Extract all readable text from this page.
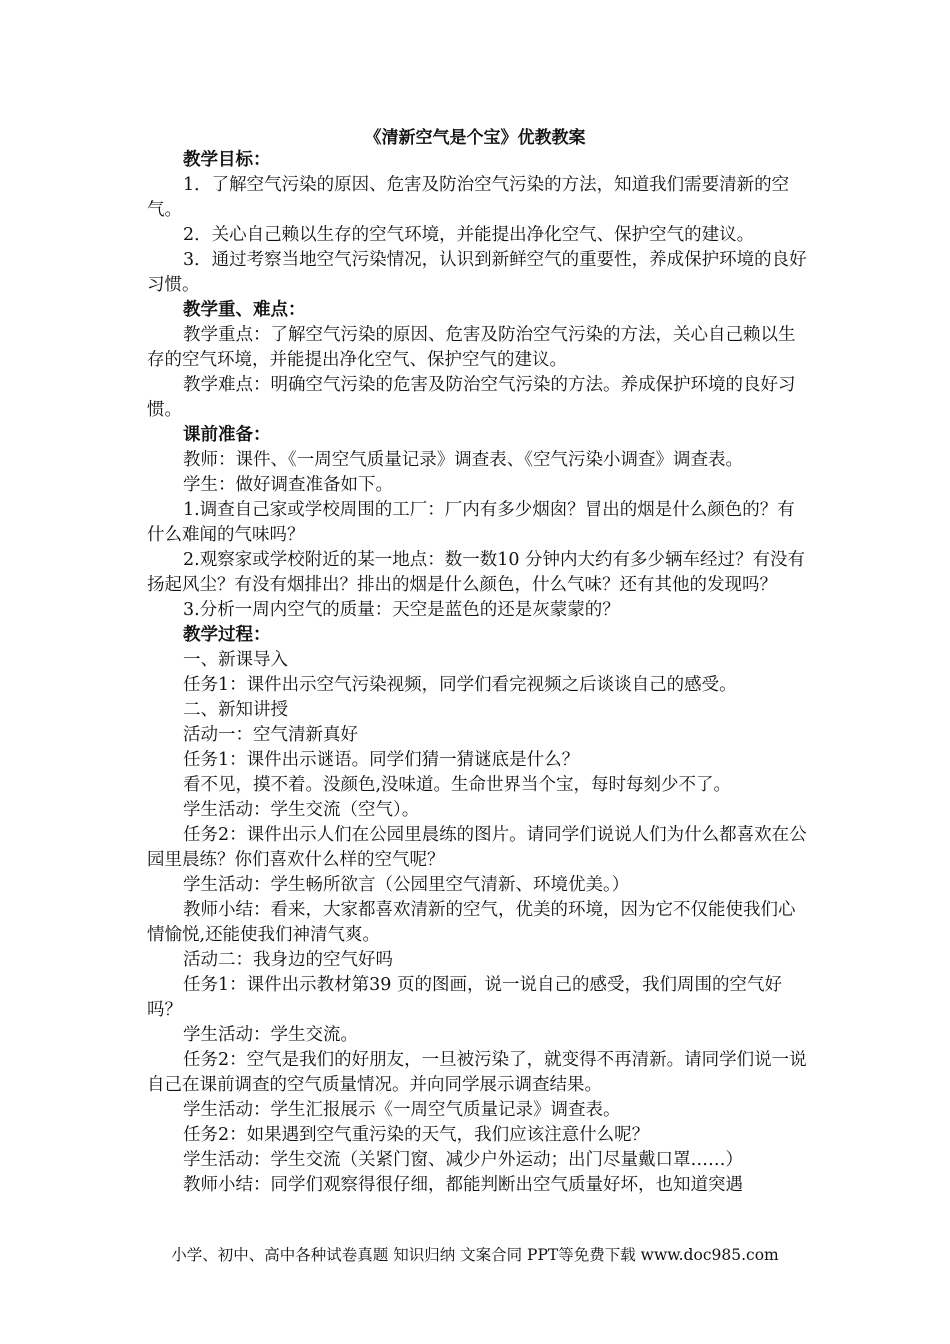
《清新空气是个宝》优教教案
教学目标：
1．了解空气污染的原因、危害及防治空气污染的方法，知道我们需要清新的空气。
2．关心自己赖以生存的空气环境，并能提出净化空气、保护空气的建议。
3．通过考察当地空气污染情况，认识到新鲜空气的重要性，养成保护环境的良好习惯。
教学重、难点：
教学重点：了解空气污染的原因、危害及防治空气污染的方法，关心自己赖以生存的空气环境，并能提出净化空气、保护空气的建议。
教学难点：明确空气污染的危害及防治空气污染的方法。养成保护环境的良好习惯。
课前准备：
教师：课件、《一周空气质量记录》调查表、《空气污染小调查》调查表。
学生：做好调查准备如下。
1.调查自己家或学校周围的工厂：厂内有多少烟囱？冒出的烟是什么颜色的？有什么难闻的气味吗？
2.观察家或学校附近的某一地点：数一数10 分钟内大约有多少辆车经过？有没有扬起风尘？有没有烟排出？排出的烟是什么颜色，什么气味？还有其他的发现吗？
3.分析一周内空气的质量：天空是蓝色的还是灰蒙蒙的？
教学过程：
一、新课导入
任务1：课件出示空气污染视频，同学们看完视频之后谈谈自己的感受。
二、新知讲授
活动一：空气清新真好
任务1：课件出示谜语。同学们猜一猜谜底是什么？
看不见，摸不着。没颜色,没味道。生命世界当个宝，每时每刻少不了。
学生活动：学生交流（空气）。
任务2：课件出示人们在公园里晨练的图片。请同学们说说人们为什么都喜欢在公园里晨练？你们喜欢什么样的空气呢？
学生活动：学生畅所欲言（公园里空气清新、环境优美。）
教师小结：看来，大家都喜欢清新的空气，优美的环境，因为它不仅能使我们心情愉悦,还能使我们神清气爽。
活动二：我身边的空气好吗
任务1：课件出示教材第39 页的图画，说一说自己的感受，我们周围的空气好吗？
学生活动：学生交流。
任务2：空气是我们的好朋友，一旦被污染了，就变得不再清新。请同学们说一说自己在课前调查的空气质量情况。并向同学展示调查结果。
学生活动：学生汇报展示《一周空气质量记录》调查表。
任务2：如果遇到空气重污染的天气，我们应该注意什么呢？
学生活动：学生交流（关紧门窗、减少户外运动；出门尽量戴口罩……）
教师小结：同学们观察得很仔细，都能判断出空气质量好坏，也知道突遇
小学、初中、高中各种试卷真题 知识归纳 文案合同 PPT等免费下载 www.doc985.com
